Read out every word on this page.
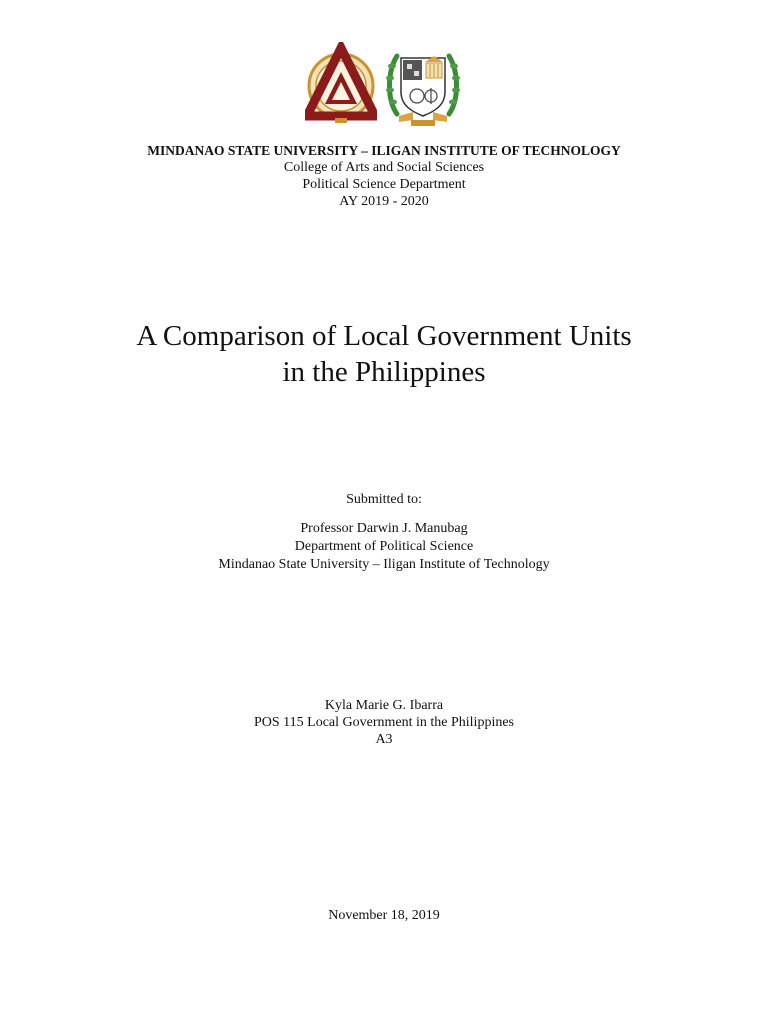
MINDANAO STATE UNIVERSITY – ILIGAN INSTITUTE OF TECHNOLOGY
College of Arts and Social Sciences
Political Science Department
AY 2019 - 2020
A Comparison of Local Government Units
in the Philippines
Submitted to:
Professor Darwin J. Manubag
Department of Political Science
Mindanao State University – Iligan Institute of Technology
Kyla Marie G. Ibarra
POS 115 Local Government in the Philippines
A3
November 18, 2019
